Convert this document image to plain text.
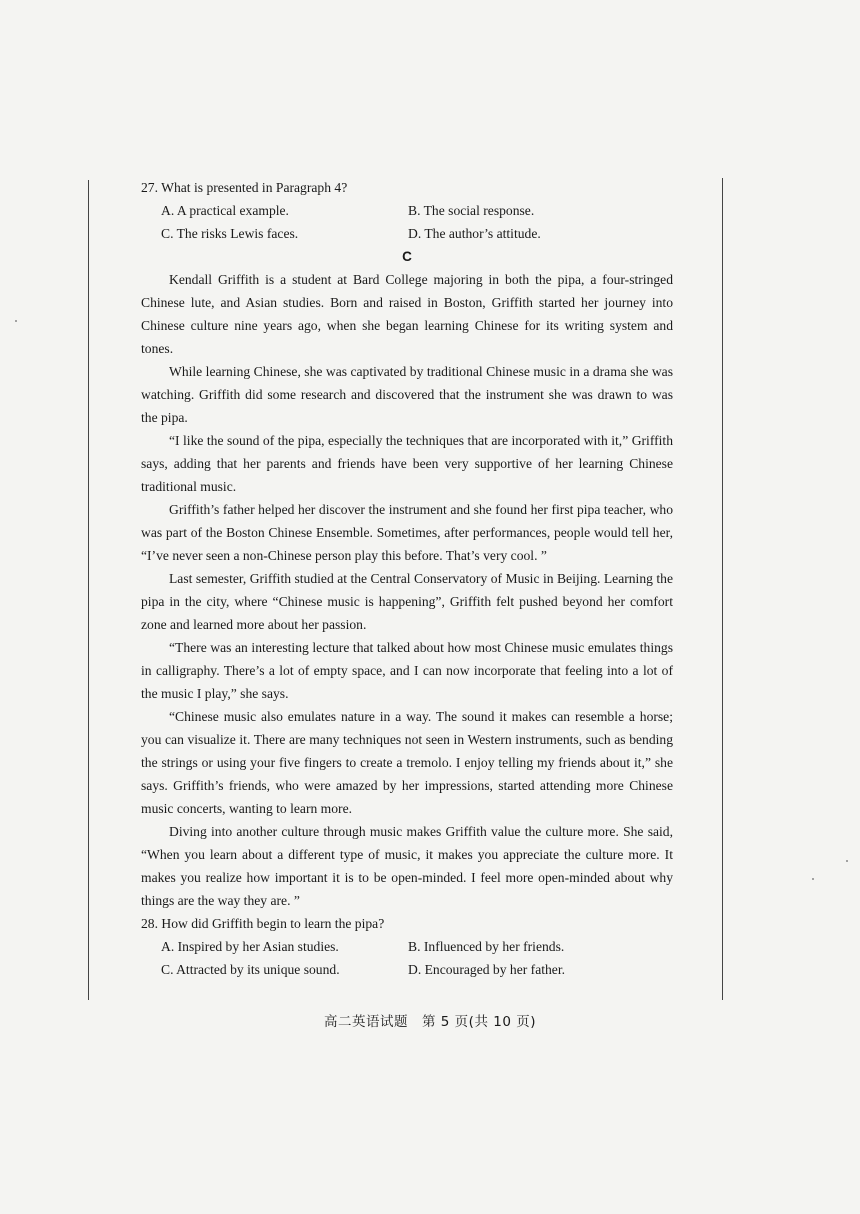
27. What is presented in Paragraph 4?

A. A practical example.	B. The social response.
C. The risks Lewis faces.	D. The author’s attitude.

C

Kendall Griffith is a student at Bard College majoring in both the pipa, a four-stringed Chinese lute, and Asian studies. Born and raised in Boston, Griffith started her journey into Chinese culture nine years ago, when she began learning Chinese for its writing system and tones.

While learning Chinese, she was captivated by traditional Chinese music in a drama she was watching. Griffith did some research and discovered that the instrument she was drawn to was the pipa.

“I like the sound of the pipa, especially the techniques that are incorporated with it,” Griffith says, adding that her parents and friends have been very supportive of her learning Chinese traditional music.

Griffith’s father helped her discover the instrument and she found her first pipa teacher, who was part of the Boston Chinese Ensemble. Sometimes, after performances, people would tell her, “I’ve never seen a non-Chinese person play this before. That’s very cool. ”

Last semester, Griffith studied at the Central Conservatory of Music in Beijing. Learning the pipa in the city, where “Chinese music is happening”, Griffith felt pushed beyond her comfort zone and learned more about her passion.

“There was an interesting lecture that talked about how most Chinese music emulates things in calligraphy. There’s a lot of empty space, and I can now incorporate that feeling into a lot of the music I play,” she says.

“Chinese music also emulates nature in a way. The sound it makes can resemble a horse; you can visualize it. There are many techniques not seen in Western instruments, such as bending the strings or using your five fingers to create a tremolo. I enjoy telling my friends about it,” she says. Griffith’s friends, who were amazed by her impressions, started attending more Chinese music concerts, wanting to learn more.

Diving into another culture through music makes Griffith value the culture more. She said, “When you learn about a different type of music, it makes you appreciate the culture more. It makes you realize how important it is to be open-minded. I feel more open-minded about why things are the way they are. ”

28. How did Griffith begin to learn the pipa?

A. Inspired by her Asian studies.	B. Influenced by her friends.
C. Attracted by its unique sound.	D. Encouraged by her father.
高二英语试题　第 5 页(共 10 页)
